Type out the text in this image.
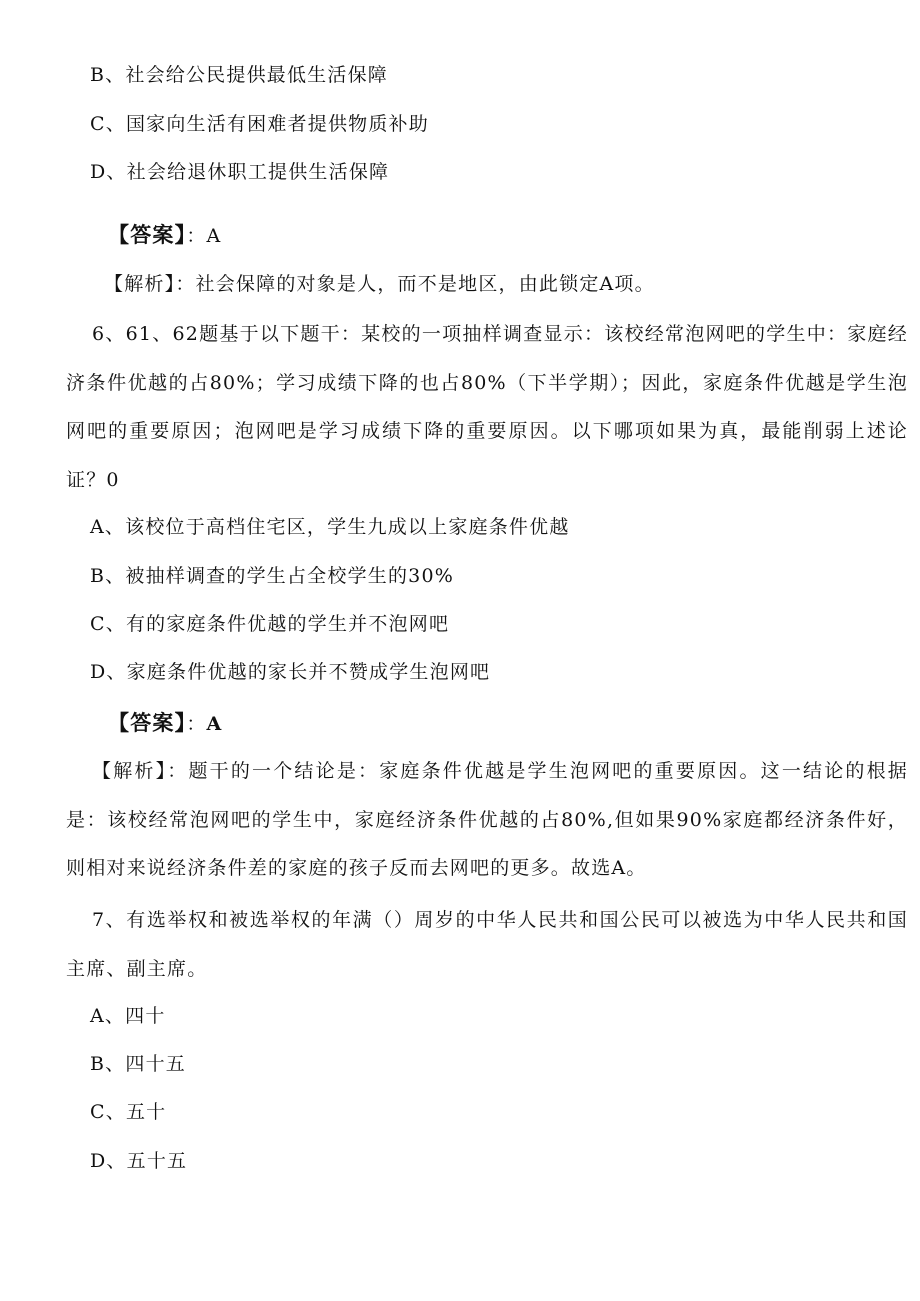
B、社会给公民提供最低生活保障
C、国家向生活有困难者提供物质补助
D、社会给退休职工提供生活保障
【答案】：A
【解析】：社会保障的对象是人，而不是地区，由此锁定A项。
6、61、62题基于以下题干：某校的一项抽样调查显示：该校经常泡网吧的学生中：家庭经济条件优越的占80%；学习成绩下降的也占80%（下半学期）；因此，家庭条件优越是学生泡网吧的重要原因；泡网吧是学习成绩下降的重要原因。以下哪项如果为真，最能削弱上述论证？0
A、该校位于高档住宅区，学生九成以上家庭条件优越
B、被抽样调查的学生占全校学生的30%
C、有的家庭条件优越的学生并不泡网吧
D、家庭条件优越的家长并不赞成学生泡网吧
【答案】：A
【解析】：题干的一个结论是：家庭条件优越是学生泡网吧的重要原因。这一结论的根据是：该校经常泡网吧的学生中，家庭经济条件优越的占80%,但如果90%家庭都经济条件好，则相对来说经济条件差的家庭的孩子反而去网吧的更多。故选A。
7、有选举权和被选举权的年满（）周岁的中华人民共和国公民可以被选为中华人民共和国主席、副主席。
A、四十
B、四十五
C、五十
D、五十五
